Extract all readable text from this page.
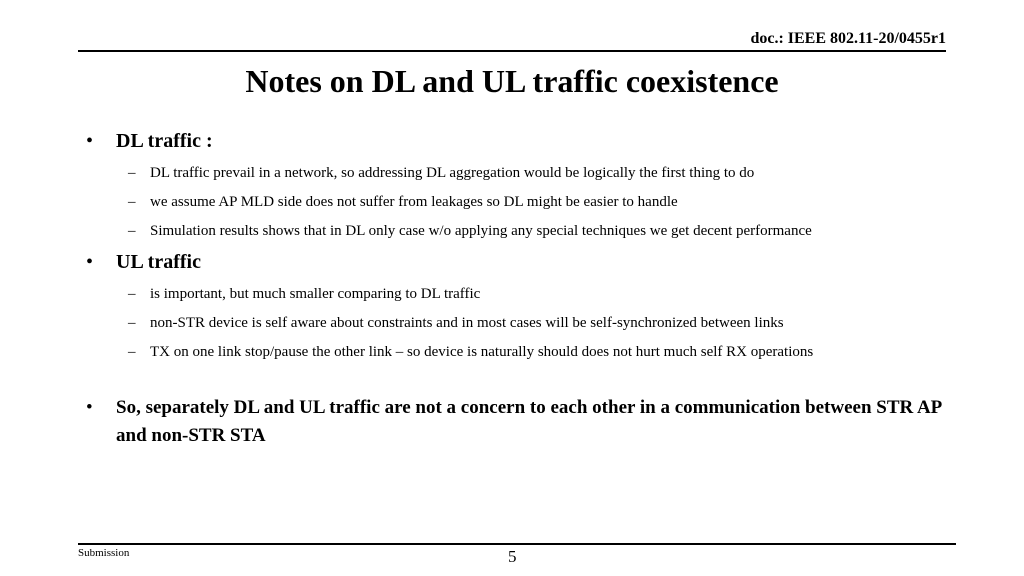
doc.: IEEE 802.11-20/0455r1
Notes on DL and UL traffic coexistence
• DL traffic :
– DL traffic prevail in a network, so addressing DL aggregation would be logically the first thing to do
– we assume AP MLD side does not suffer from leakages so DL might be easier to handle
– Simulation results shows that in DL only case w/o applying any special techniques we get decent performance
• UL traffic
– is important, but much smaller comparing to DL traffic
– non-STR device is self aware about constraints and in most cases will be self-synchronized between links
– TX on one link stop/pause the other link – so device is naturally should does not hurt much self RX operations
• So, separately DL and UL traffic are not a concern to each other in a communication between STR AP and non-STR STA
Submission	5
